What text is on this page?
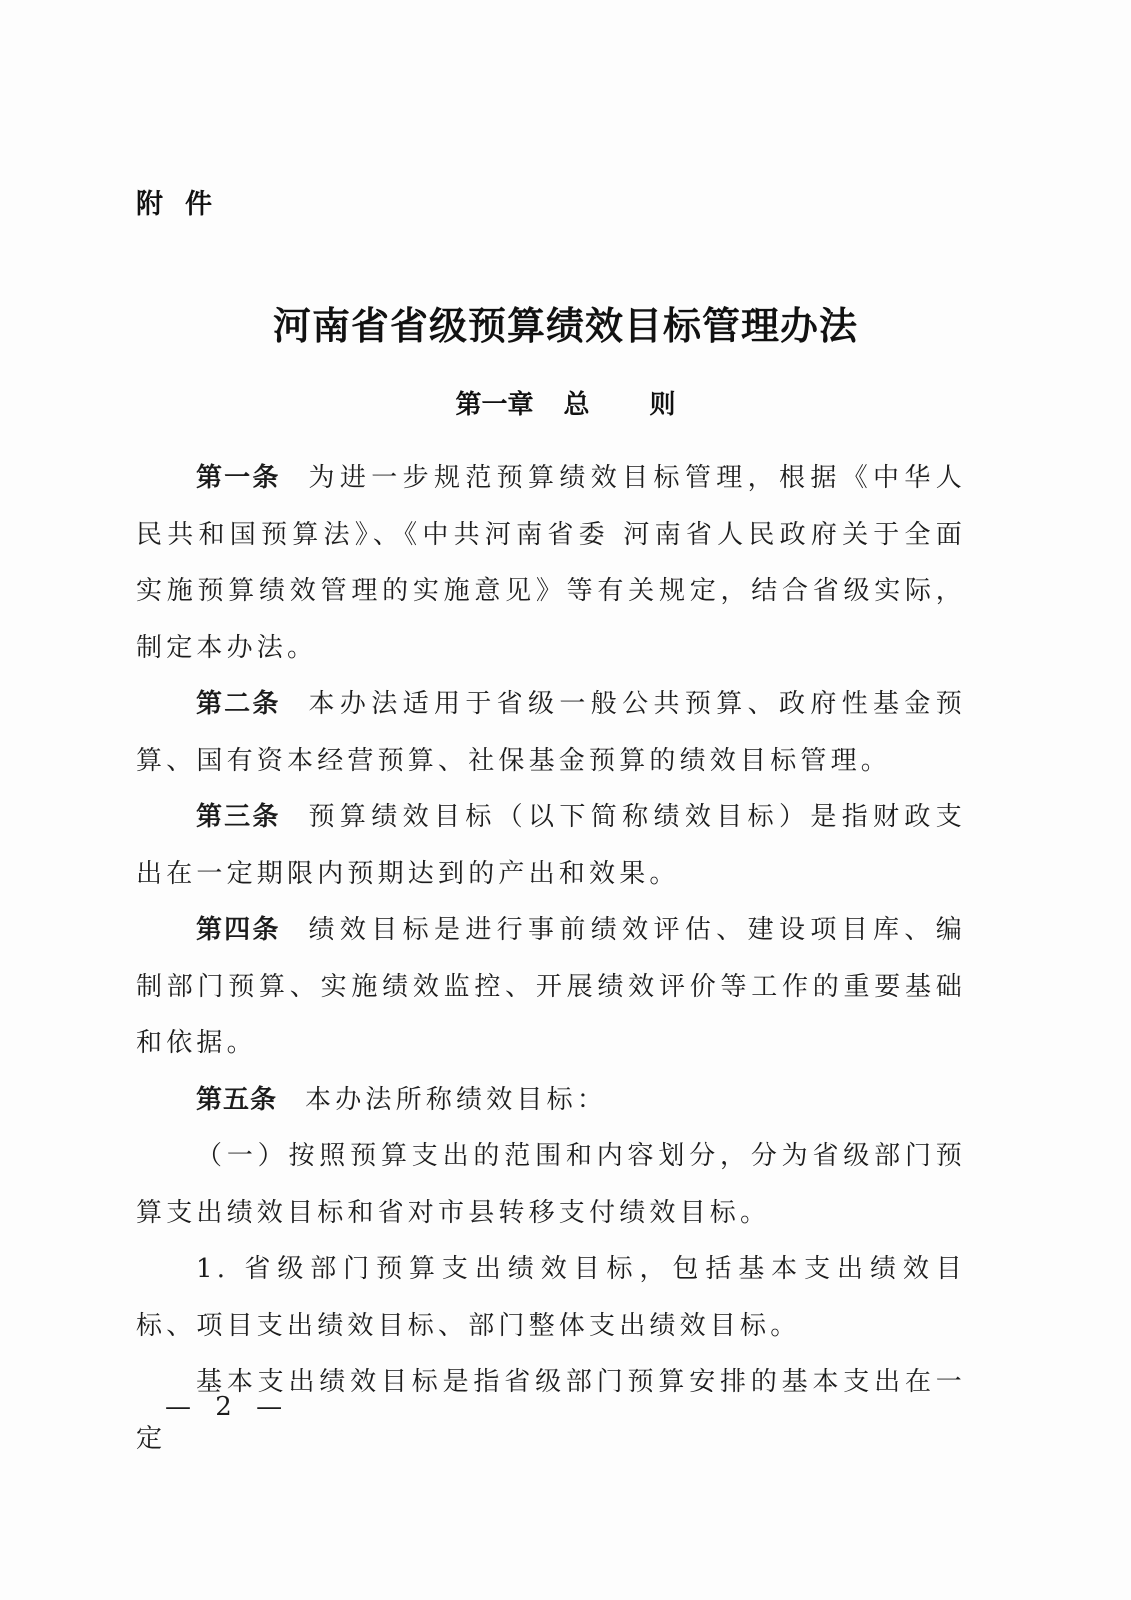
附件
河南省省级预算绩效目标管理办法
第一章 总则

第一条 为进一步规范预算绩效目标管理，根据《中华人民共和国预算法》、《中共河南省委 河南省人民政府关于全面实施预算绩效管理的实施意见》等有关规定，结合省级实际，制定本办法。

第二条 本办法适用于省级一般公共预算、政府性基金预算、国有资本经营预算、社保基金预算的绩效目标管理。

第三条 预算绩效目标（以下简称绩效目标）是指财政支出在一定期限内预期达到的产出和效果。

第四条 绩效目标是进行事前绩效评估、建设项目库、编制部门预算、实施绩效监控、开展绩效评价等工作的重要基础和依据。

第五条 本办法所称绩效目标：

（一）按照预算支出的范围和内容划分，分为省级部门预算支出绩效目标和省对市县转移支付绩效目标。

1. 省级部门预算支出绩效目标，包括基本支出绩效目标、项目支出绩效目标、部门整体支出绩效目标。

基本支出绩效目标是指省级部门预算安排的基本支出在一定

— 2 —
